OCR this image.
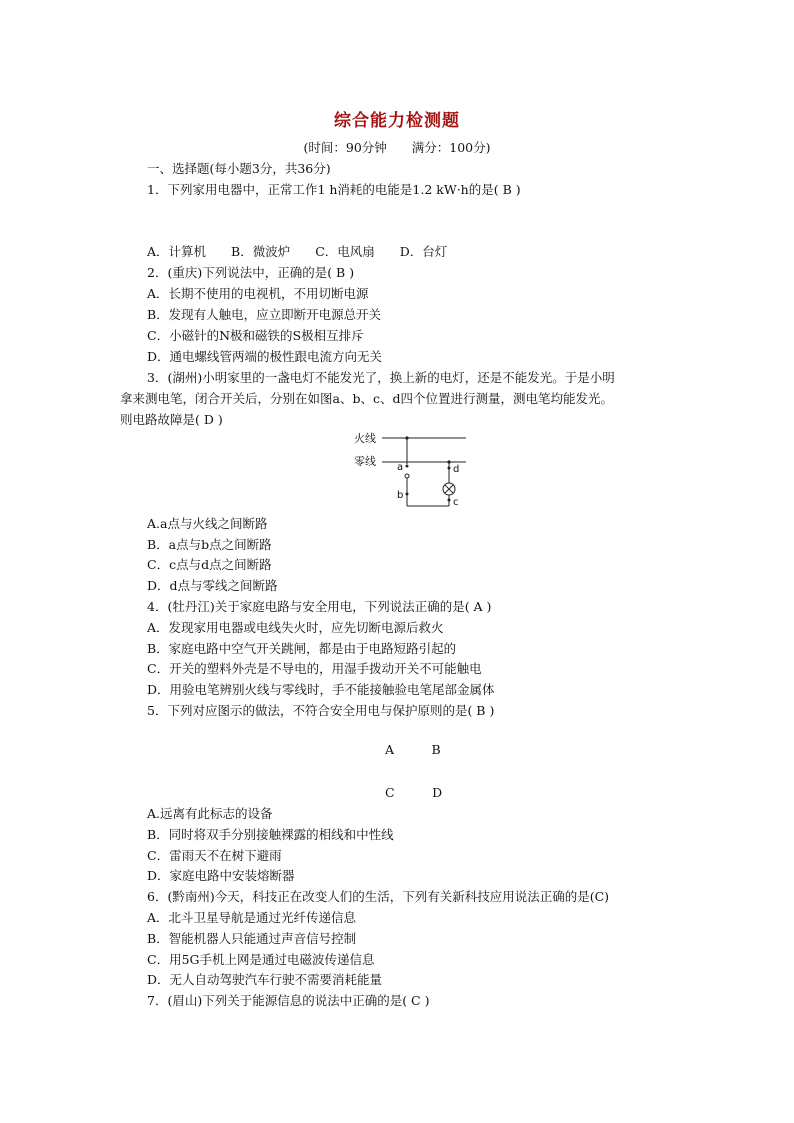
综合能力检测题
(时间：90分钟　　满分：100分)
一、选择题(每小题3分，共36分)
1．下列家用电器中，正常工作1 h消耗的电能是1.2 kW·h的是( B )
A．计算机　　B．微波炉　　C．电风扇　　D．台灯
2．(重庆)下列说法中，正确的是( B )
A．长期不使用的电视机，不用切断电源
B．发现有人触电，应立即断开电源总开关
C．小磁针的N极和磁铁的S极相互排斥
D．通电螺线管两端的极性跟电流方向无关
3．(湖州)小明家里的一盏电灯不能发光了，换上新的电灯，还是不能发光。于是小明
拿来测电笔，闭合开关后，分别在如图a、b、c、d四个位置进行测量，测电笔均能发光。
则电路故障是( D )
火线
零线 a
b
d
c
A.a点与火线之间断路
B．a点与b点之间断路
C．c点与d点之间断路
D．d点与零线之间断路
4．(牡丹江)关于家庭电路与安全用电，下列说法正确的是( A )
A．发现家用电器或电线失火时，应先切断电源后救火
B．家庭电路中空气开关跳闸，都是由于电路短路引起的
C．开关的塑料外壳是不导电的，用湿手拨动开关不可能触电
D．用验电笔辨别火线与零线时，手不能接触验电笔尾部金属体
5．下列对应图示的做法，不符合安全用电与保护原则的是( B )
A　　　B
C　　　D
A.远离有此标志的设备
B．同时将双手分别接触裸露的相线和中性线
C．雷雨天不在树下避雨
D．家庭电路中安装熔断器
6．(黔南州)今天，科技正在改变人们的生活，下列有关新科技应用说法正确的是(C)
A．北斗卫星导航是通过光纤传递信息
B．智能机器人只能通过声音信号控制
C．用5G手机上网是通过电磁波传递信息
D．无人自动驾驶汽车行驶不需要消耗能量
7．(眉山)下列关于能源信息的说法中正确的是( C )
